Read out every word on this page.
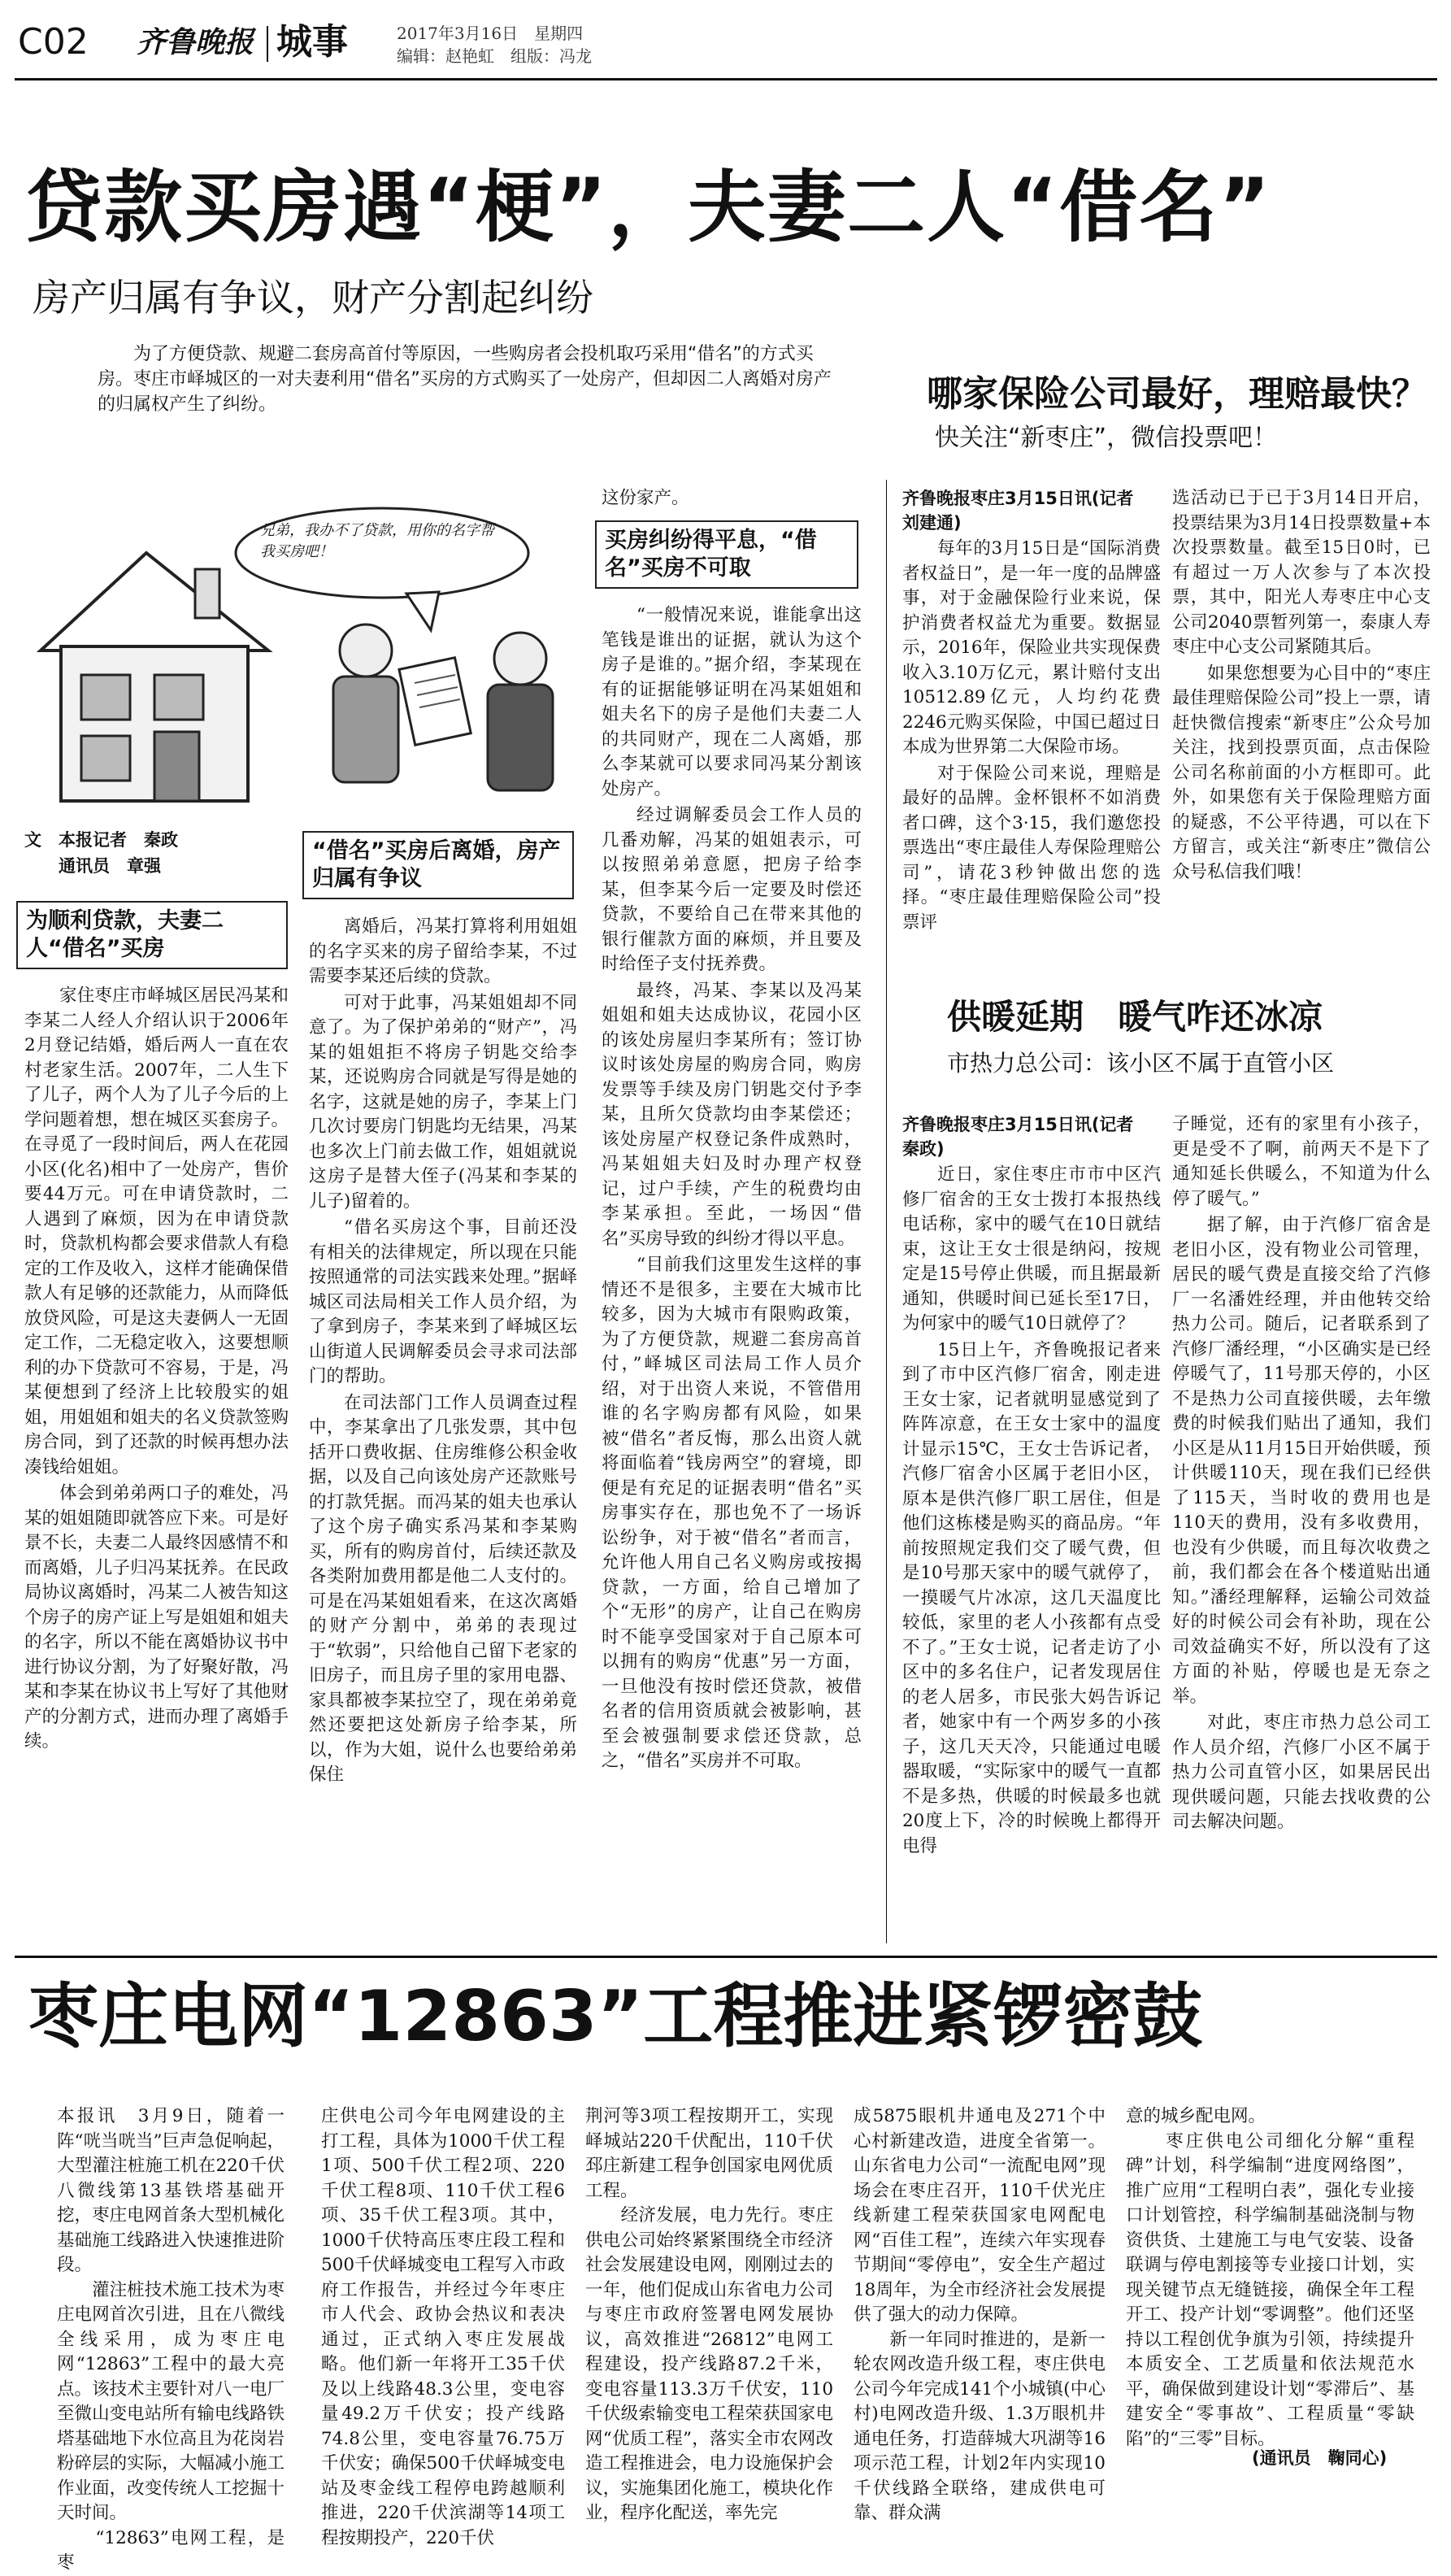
C02 齐鲁晚报 城事	2017年3月16日　星期四
编辑：赵艳虹　组版：冯龙
贷款买房遇“梗”，夫妻二人“借名”
房产归属有争议，财产分割起纠纷
为了方便贷款、规避二套房高首付等原因，一些购房者会投机取巧采用“借名”的方式买房。枣庄市峄城区的一对夫妻利用“借名”买房的方式购买了一处房产，但却因二人离婚对房产的归属权产生了纠纷。
兄弟，我办不了贷款，用你的名字帮我买房吧！
文　本报记者　秦政
通讯员　章强
为顺利贷款，夫妻二人“借名”买房

家住枣庄市峄城区居民冯某和李某二人经人介绍认识于2006年2月登记结婚，婚后两人一直在农村老家生活。2007年，二人生下了儿子，两个人为了儿子今后的上学问题着想，想在城区买套房子。在寻觅了一段时间后，两人在花园小区(化名)相中了一处房产，售价要44万元。可在申请贷款时，二人遇到了麻烦，因为在申请贷款时，贷款机构都会要求借款人有稳定的工作及收入，这样才能确保借款人有足够的还款能力，从而降低放贷风险，可是这夫妻俩人一无固定工作，二无稳定收入，这要想顺利的办下贷款可不容易，于是，冯某便想到了经济上比较殷实的姐姐，用姐姐和姐夫的名义贷款签购房合同，到了还款的时候再想办法凑钱给姐姐。

体会到弟弟两口子的难处，冯某的姐姐随即就答应下来。可是好景不长，夫妻二人最终因感情不和而离婚，儿子归冯某抚养。在民政局协议离婚时，冯某二人被告知这个房子的房产证上写是姐姐和姐夫的名字，所以不能在离婚协议书中进行协议分割，为了好聚好散，冯某和李某在协议书上写好了其他财产的分割方式，进而办理了离婚手续。

“借名”买房后离婚，房产归属有争议

离婚后，冯某打算将利用姐姐的名字买来的房子留给李某，不过需要李某还后续的贷款。

可对于此事，冯某姐姐却不同意了。为了保护弟弟的“财产”，冯某的姐姐拒不将房子钥匙交给李某，还说购房合同就是写得是她的名字，这就是她的房子，李某上门几次讨要房门钥匙均无结果，冯某也多次上门前去做工作，姐姐就说这房子是替大侄子(冯某和李某的儿子)留着的。

“借名买房这个事，目前还没有相关的法律规定，所以现在只能按照通常的司法实践来处理。”据峄城区司法局相关工作人员介绍，为了拿到房子，李某来到了峄城区坛山街道人民调解委员会寻求司法部门的帮助。

在司法部门工作人员调查过程中，李某拿出了几张发票，其中包括开口费收据、住房维修公积金收据，以及自己向该处房产还款账号的打款凭据。而冯某的姐夫也承认了这个房子确实系冯某和李某购买，所有的购房首付，后续还款及各类附加费用都是他二人支付的。可是在冯某姐姐看来，在这次离婚的财产分割中，弟弟的表现过于“软弱”，只给他自己留下老家的旧房子，而且房子里的家用电器、家具都被李某拉空了，现在弟弟竟然还要把这处新房子给李某，所以，作为大姐，说什么也要给弟弟保住

这份家产。
买房纠纷得平息，“借名”买房不可取

“一般情况来说，谁能拿出这笔钱是谁出的证据，就认为这个房子是谁的。”据介绍，李某现在有的证据能够证明在冯某姐姐和姐夫名下的房子是他们夫妻二人的共同财产，现在二人离婚，那么李某就可以要求同冯某分割该处房产。

经过调解委员会工作人员的几番劝解，冯某的姐姐表示，可以按照弟弟意愿，把房子给李某，但李某今后一定要及时偿还贷款，不要给自己在带来其他的银行催款方面的麻烦，并且要及时给侄子支付抚养费。

最终，冯某、李某以及冯某姐姐和姐夫达成协议，花园小区的该处房屋归李某所有；签订协议时该处房屋的购房合同，购房发票等手续及房门钥匙交付予李某，且所欠贷款均由李某偿还；该处房屋产权登记条件成熟时，冯某姐姐夫妇及时办理产权登记，过户手续，产生的税费均由李某承担。至此，一场因“借名”买房导致的纠纷才得以平息。

“目前我们这里发生这样的事情还不是很多，主要在大城市比较多，因为大城市有限购政策，为了方便贷款，规避二套房高首付，”峄城区司法局工作人员介绍，对于出资人来说，不管借用谁的名字购房都有风险，如果被“借名”者反悔，那么出资人就将面临着“钱房两空”的窘境，即便是有充足的证据表明“借名”买房事实存在，那也免不了一场诉讼纷争，对于被“借名”者而言，允许他人用自己名义购房或按揭贷款，一方面，给自己增加了个“无形”的房产，让自己在购房时不能享受国家对于自己原本可以拥有的购房“优惠”另一方面，一旦他没有按时偿还贷款，被借名者的信用资质就会被影响，甚至会被强制要求偿还贷款，总之，“借名”买房并不可取。

哪家保险公司最好，理赔最快？
快关注“新枣庄”，微信投票吧！
齐鲁晚报枣庄3月15日讯(记者　刘建通)

每年的3月15日是“国际消费者权益日”，是一年一度的品牌盛事，对于金融保险行业来说，保护消费者权益尤为重要。数据显示，2016年，保险业共实现保费收入3.10万亿元，累计赔付支出10512.89亿元，人均约花费2246元购买保险，中国已超过日本成为世界第二大保险市场。

对于保险公司来说，理赔是最好的品牌。金杯银杯不如消费者口碑，这个3·15，我们邀您投票选出“枣庄最佳人寿保险理赔公司”，请花3秒钟做出您的选择。“枣庄最佳理赔保险公司”投票评

选活动已于已于3月14日开启，投票结果为3月14日投票数量+本次投票数量。截至15日0时，已有超过一万人次参与了本次投票，其中，阳光人寿枣庄中心支公司2040票暂列第一，泰康人寿枣庄中心支公司紧随其后。

如果您想要为心目中的“枣庄最佳理赔保险公司”投上一票，请赶快微信搜索“新枣庄”公众号加关注，找到投票页面，点击保险公司名称前面的小方框即可。此外，如果您有关于保险理赔方面的疑惑，不公平待遇，可以在下方留言，或关注“新枣庄”微信公众号私信我们哦！

供暖延期　暖气咋还冰凉
市热力总公司：该小区不属于直管小区
齐鲁晚报枣庄3月15日讯(记者　秦政)

近日，家住枣庄市市中区汽修厂宿舍的王女士拨打本报热线电话称，家中的暖气在10日就结束，这让王女士很是纳闷，按规定是15号停止供暖，而且据最新通知，供暖时间已延长至17日，为何家中的暖气10日就停了？

15日上午，齐鲁晚报记者来到了市中区汽修厂宿舍，刚走进王女士家，记者就明显感觉到了阵阵凉意，在王女士家中的温度计显示15℃，王女士告诉记者，汽修厂宿舍小区属于老旧小区，原本是供汽修厂职工居住，但是他们这栋楼是购买的商品房。“年前按照规定我们交了暖气费，但是10号那天家中的暖气就停了，一摸暖气片冰凉，这几天温度比较低，家里的老人小孩都有点受不了。”王女士说，记者走访了小区中的多名住户，记者发现居住的老人居多，市民张大妈告诉记者，她家中有一个两岁多的小孩子，这几天天冷，只能通过电暖器取暖，“实际家中的暖气一直都不是多热，供暖的时候最多也就20度上下，冷的时候晚上都得开电得

子睡觉，还有的家里有小孩子，更是受不了啊，前两天不是下了通知延长供暖么，不知道为什么停了暖气。”

据了解，由于汽修厂宿舍是老旧小区，没有物业公司管理，居民的暖气费是直接交给了汽修厂一名潘姓经理，并由他转交给热力公司。随后，记者联系到了汽修厂潘经理，“小区确实是已经停暖气了，11号那天停的，小区不是热力公司直接供暖，去年缴费的时候我们贴出了通知，我们小区是从11月15日开始供暖，预计供暖110天，现在我们已经供了115天，当时收的费用也是110天的费用，没有多收费用，也没有少供暖，而且每次收费之前，我们都会在各个楼道贴出通知。”潘经理解释，运输公司效益好的时候公司会有补助，现在公司效益确实不好，所以没有了这方面的补贴，停暖也是无奈之举。

对此，枣庄市热力总公司工作人员介绍，汽修厂小区不属于热力公司直管小区，如果居民出现供暖问题，只能去找收费的公司去解决问题。

枣庄电网“12863”工程推进紧锣密鼓
本报讯　3月9日，随着一阵“咣当咣当”巨声急促响起，大型灌注桩施工机在220千伏八微线第13基铁塔基础开挖，枣庄电网首条大型机械化基础施工线路进入快速推进阶段。
　　灌注桩技术施工技术为枣庄电网首次引进，且在八微线全线采用，成为枣庄电网“12863”工程中的最大亮点。该技术主要针对八一电厂至微山变电站所有输电线路铁塔基础地下水位高且为花岗岩粉碎层的实际，大幅减小施工作业面，改变传统人工挖掘十天时间。
　　“12863”电网工程，是枣
庄供电公司今年电网建设的主打工程，具体为1000千伏工程1项、500千伏工程2项、220千伏工程8项、110千伏工程6项、35千伏工程3项。其中，1000千伏特高压枣庄段工程和500千伏峄城变电工程写入市政府工作报告，并经过今年枣庄市人代会、政协会热议和表决通过，正式纳入枣庄发展战略。他们新一年将开工35千伏及以上线路48.3公里，变电容量49.2万千伏安；投产线路74.8公里，变电容量76.75万千伏安；确保500千伏峄城变电站及枣金线工程停电跨越顺利推进，220千伏滨湖等14项工程按期投产，220千伏
荆河等3项工程按期开工，实现峄城站220千伏配出，110千伏邳庄新建工程争创国家电网优质工程。
　　经济发展，电力先行。枣庄供电公司始终紧紧围绕全市经济社会发展建设电网，刚刚过去的一年，他们促成山东省电力公司与枣庄市政府签署电网发展协议，高效推进“26812”电网工程建设，投产线路87.2千米，变电容量113.3万千伏安，110千伏级索输变电工程荣获国家电网“优质工程”，落实全市农网改造工程推进会，电力设施保护会议，实施集团化施工，模块化作业，程序化配送，率先完
成5875眼机井通电及271个中心村新建改造，进度全省第一。山东省电力公司“一流配电网”现场会在枣庄召开，110千伏光庄线新建工程荣获国家电网配电网“百佳工程”，连续六年实现春节期间“零停电”，安全生产超过18周年，为全市经济社会发展提供了强大的动力保障。
　　新一年同时推进的，是新一轮农网改造升级工程，枣庄供电公司今年完成141个小城镇(中心村)电网改造升级、1.3万眼机井通电任务，打造薛城大巩湖等16项示范工程，计划2年内实现10千伏线路全联络，建成供电可靠、群众满
意的城乡配电网。
　　枣庄供电公司细化分解“重程碑”计划，科学编制“进度网络图”，推广应用“工程明白表”，强化专业接口计划管控，科学编制基础浇制与物资供货、土建施工与电气安装、设备联调与停电割接等专业接口计划，实现关键节点无缝链接，确保全年工程开工、投产计划“零调整”。他们还坚持以工程创优争旗为引领，持续提升本质安全、工艺质量和依法规范水平，确保做到建设计划“零滞后”、基建安全“零事故”、工程质量“零缺陷”的“三零”目标。
(通讯员　鞠同心)
